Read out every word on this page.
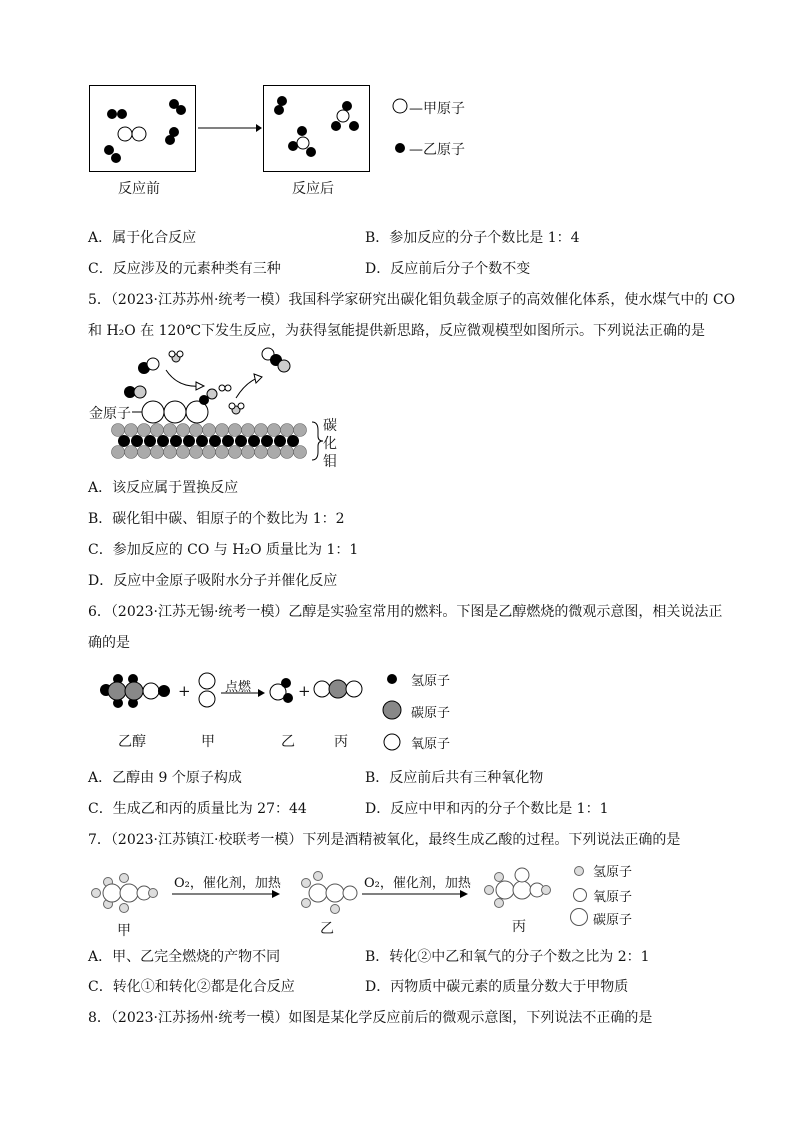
反应前	反应后
—甲原子
—乙原子
A．属于化合反应	B．参加反应的分子个数比是 1：4
C．反应涉及的元素种类有三种	D．反应前后分子个数不变
5．（2023·江苏苏州·统考一模）我国科学家研究出碳化钼负载金原子的高效催化体系，使水煤气中的 CO
和 H₂O 在 120℃下发生反应，为获得氢能提供新思路，反应微观模型如图所示。下列说法正确的是
金原子
碳
化
钼
A．该反应属于置换反应
B．碳化钼中碳、钼原子的个数比为 1：2
C．参加反应的 CO 与 H₂O 质量比为 1：1
D．反应中金原子吸附水分子并催化反应
6．（2023·江苏无锡·统考一模）乙醇是实验室常用的燃料。下图是乙醇燃烧的微观示意图，相关说法正
确的是
+	点燃	+
乙醇	甲	乙	丙
氢原子
碳原子
氧原子
A．乙醇由 9 个原子构成	B．反应前后共有三种氧化物
C．生成乙和丙的质量比为 27：44	D．反应中甲和丙的分子个数比是 1：1
7．（2023·江苏镇江·校联考一模）下列是酒精被氧化，最终生成乙酸的过程。下列说法正确的是
O₂，催化剂，加热	O₂，催化剂，加热
甲	乙	丙
氢原子
氧原子
碳原子
A．甲、乙完全燃烧的产物不同	B．转化②中乙和氧气的分子个数之比为 2：1
C．转化①和转化②都是化合反应	D．丙物质中碳元素的质量分数大于甲物质
8．（2023·江苏扬州·统考一模）如图是某化学反应前后的微观示意图，下列说法不正确的是
